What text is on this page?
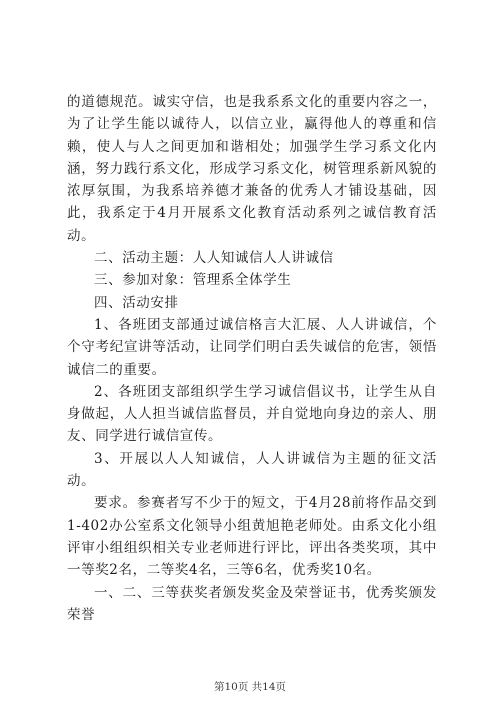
的道德规范。诚实守信，也是我系系文化的重要内容之一，为了让学生能以诚待人，以信立业，赢得他人的尊重和信赖，使人与人之间更加和谐相处；加强学生学习系文化内涵，努力践行系文化，形成学习系文化，树管理系新风貌的浓厚氛围，为我系培养德才兼备的优秀人才铺设基础，因此，我系定于4月开展系文化教育活动系列之诚信教育活动。

二、活动主题：人人知诚信人人讲诚信

三、参加对象：管理系全体学生

四、活动安排

1、各班团支部通过诚信格言大汇展、人人讲诚信，个个守考纪宣讲等活动，让同学们明白丢失诚信的危害，领悟诚信二的重要。

2、各班团支部组织学生学习诚信倡议书，让学生从自身做起，人人担当诚信监督员，并自觉地向身边的亲人、朋友、同学进行诚信宣传。

3、开展以人人知诚信，人人讲诚信为主题的征文活动。

要求。参赛者写不少于的短文，于4月28前将作品交到1-402办公室系文化领导小组黄旭艳老师处。由系文化小组评审小组组织相关专业老师进行评比，评出各类奖项，其中一等奖2名，二等奖4名，三等6名，优秀奖10名。

一、二、三等获奖者颁发奖金及荣誉证书，优秀奖颁发荣誉

第10页 共14页
